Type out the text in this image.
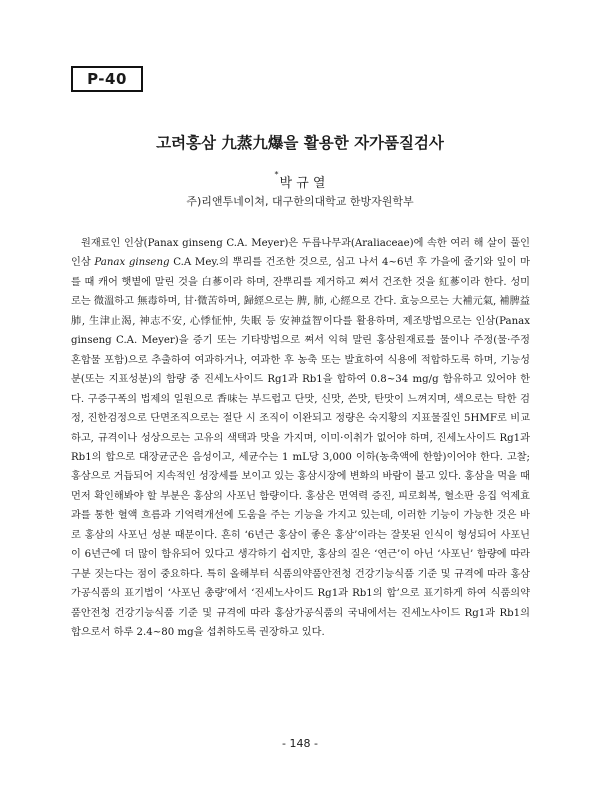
P-40
고려홍삼 九蒸九爆을 활용한 자가품질검사
*박 규 열
주)리앤투네이쳐, 대구한의대학교 한방자원학부

원재료인 인삼(Panax ginseng C.A. Meyer)은 두릅나무과(Araliaceae)에 속한 여러 해 살이 풀인 인삼 Panax ginseng C.A Mey.의 뿌리를 건조한 것으로, 심고 나서 4~6년 후 가을에 줄기와 잎이 마를 때 캐어 햇볕에 말린 것을 白蔘이라 하며, 잔뿌리를 제거하고 쪄서 건조한 것을 紅蔘이라 한다. 성미로는 微溫하고 無毒하며, 甘·微苦하며, 歸經으로는 脾, 肺, 心經으로 간다. 효능으로는 大補元氣, 補脾益肺, 生津止渴, 神志不安, 心悸怔忡, 失眠 등 安神益智이다를 활용하며, 제조방법으로는 인삼(Panax ginseng C.A. Meyer)을 증기 또는 기타방법으로 쪄서 익혀 말린 홍삼원재료를 물이나 주정(물·주정 혼합물 포함)으로 추출하여 여과하거나, 여과한 후 농축 또는 발효하여 식용에 적합하도록 하며, 기능성분(또는 지표성분)의 함량 중 진세노사이드 Rg1과 Rb1을 합하여 0.8~34 mg/g 함유하고 있어야 한다. 구증구폭의 법제의 일원으로 香味는 부드럽고 단맛, 신맛, 쓴맛, 탄맛이 느껴지며, 색으로는 탁한 검정, 진한검정으로 단면조직으로는 절단 시 조직이 이완되고 정량은 숙지황의 지표물질인 5HMF로 비교하고, 규격이나 성상으로는 고유의 색택과 맛을 가지며, 이미·이취가 없어야 하며, 진세노사이드 Rg1과 Rb1의 합으로 대장균군은 음성이고, 세균수는 1 mL당 3,000 이하(농축액에 한함)이어야 한다. 고찰; 홍삼으로 거듭되어 지속적인 성장세를 보이고 있는 홍삼시장에 변화의 바람이 불고 있다. 홍삼을 먹을 때 먼저 확인해봐야 할 부분은 홍삼의 사포닌 함량이다. 홍삼은 면역력 증진, 피로회복, 혈소판 응집 억제효과를 통한 혈액 흐름과 기억력개선에 도움을 주는 기능을 가지고 있는데, 이러한 기능이 가능한 것은 바로 홍삼의 사포닌 성분 때문이다. 흔히 ‘6년근 홍삼이 좋은 홍삼’이라는 잘못된 인식이 형성되어 사포닌이 6년근에 더 많이 함유되어 있다고 생각하기 쉽지만, 홍삼의 질은 ‘연근’이 아닌 ‘사포닌’ 함량에 따라 구분 짓는다는 점이 중요하다. 특히 올해부터 식품의약품안전청 건강기능식품 기준 및 규격에 따라 홍삼가공식품의 표기법이 ‘사포닌 총량’에서 ‘진세노사이드 Rg1과 Rb1의 합’으로 표기하게 하여 식품의약품안전청 건강기능식품 기준 및 규격에 따라 홍삼가공식품의 국내에서는 진세노사이드 Rg1과 Rb1의 합으로서 하루 2.4~80 mg을 섭취하도록 권장하고 있다.

- 148 -
